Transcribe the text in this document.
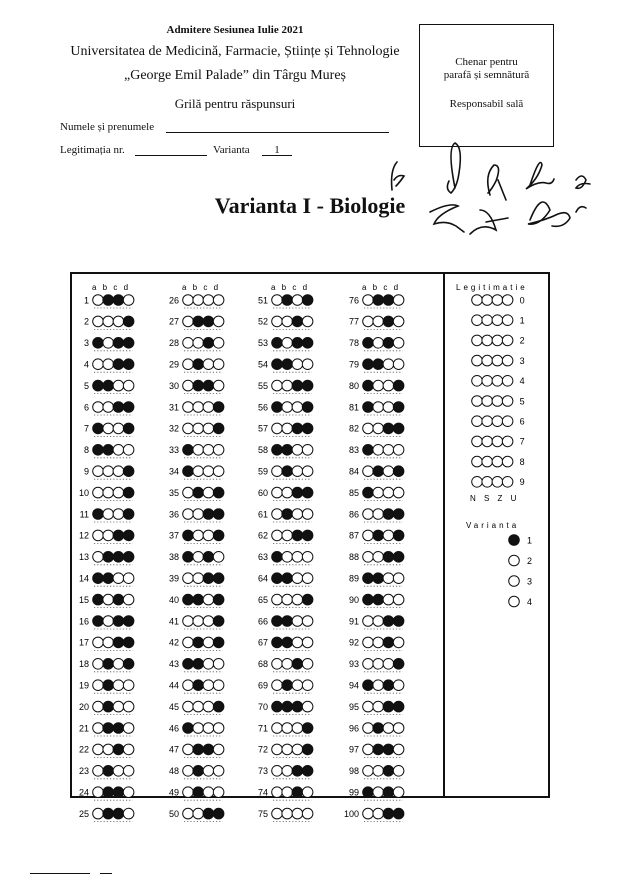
Admitere Sesiunea Iulie 2021
Universitatea de Medicină, Farmacie, Științe și Tehnologie
„George Emil Palade” din Târgu Mureș
Grilă pentru răspunsuri
Numele și prenumele
Legitimația nr.	Varianta	1
Chenar pentru
parafă și semnătură
Responsabil sală
Varianta I - Biologie
a b c d
1
2
3
4
5
6
7
8
9
10
11
12
13
14
15
16
17
18
19
20
21
22
23
24
25
a b c d
26
27
28
29
30
31
32
33
34
35
36
37
38
39
40
41
42
43
44
45
46
47
48
49
50
a b c d
51
52
53
54
55
56
57
58
59
60
61
62
63
64
65
66
67
68
69
70
71
72
73
74
75
a b c d
76
77
78
79
80
81
82
83
84
85
86
87
88
89
90
91
92
93
94
95
96
97
98
99
100
Legitimatie
0
1
2
3
4
5
6
7
8
9
N S Z U
Varianta
1
2
3
4
